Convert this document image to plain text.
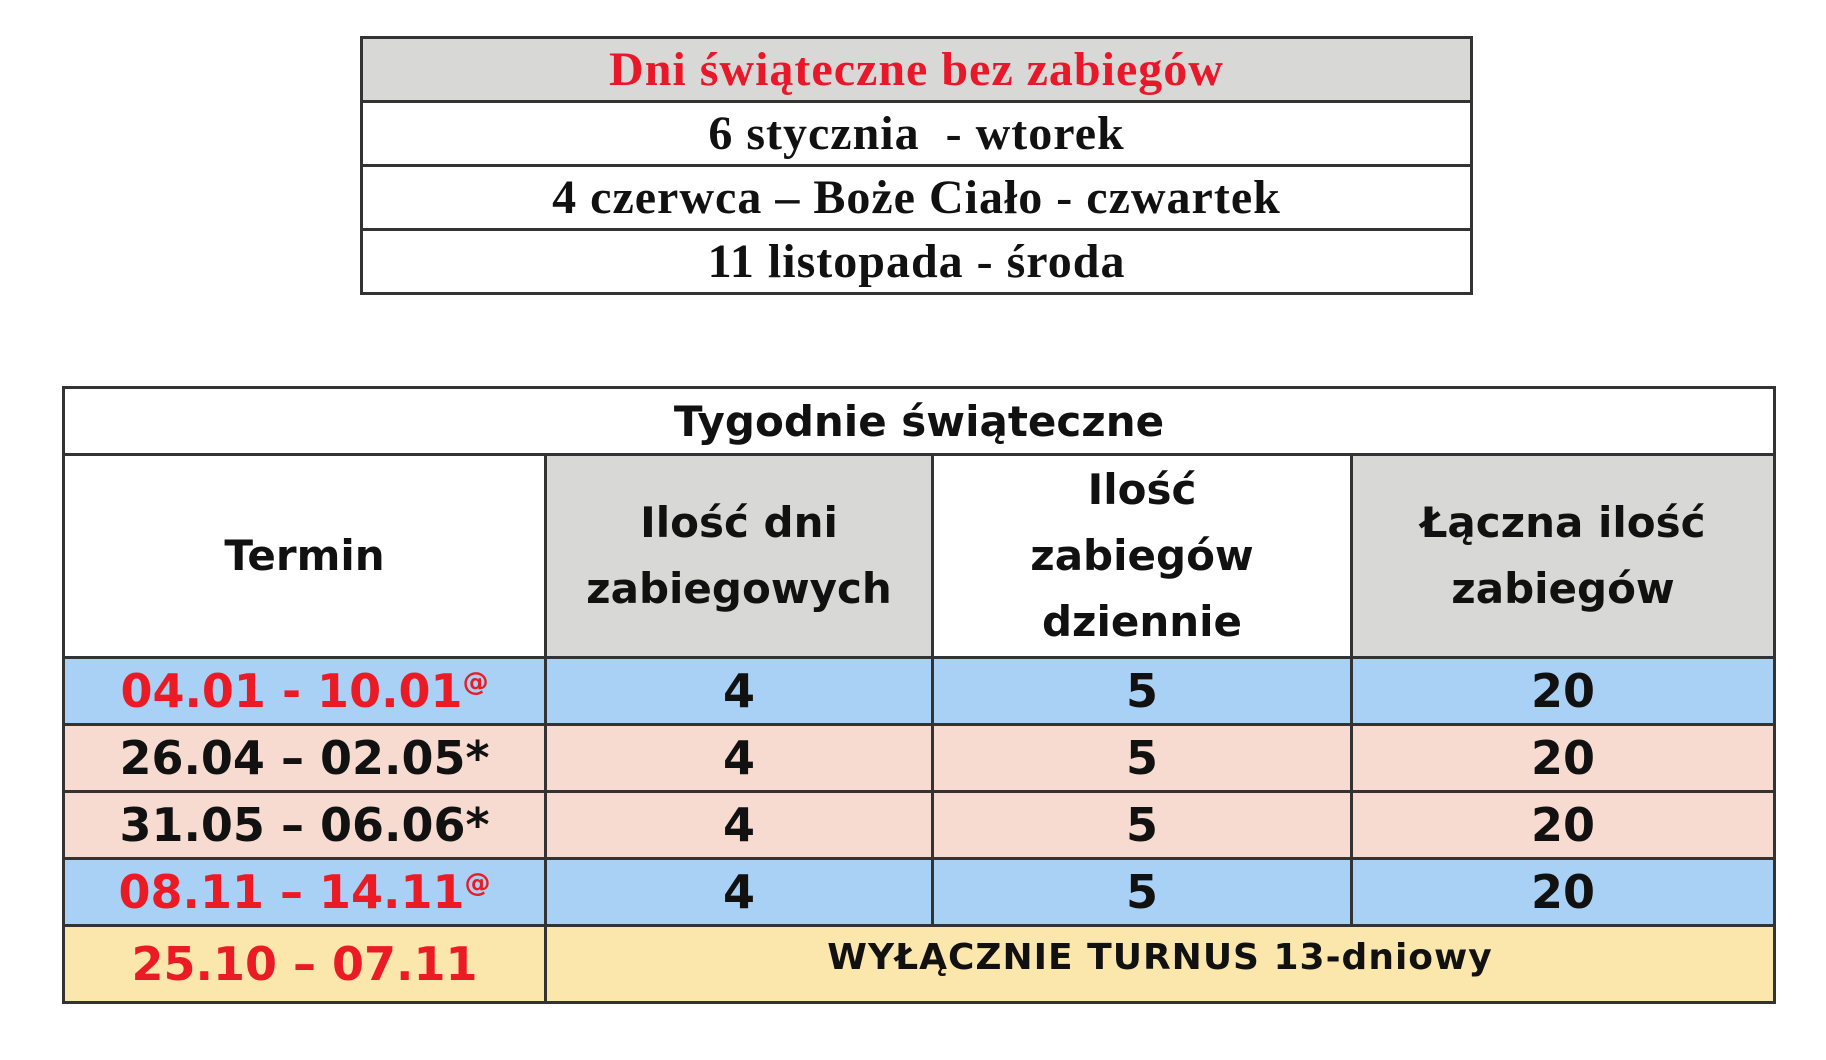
Dni świąteczne bez zabiegów
6 stycznia  - wtorek
4 czerwca – Boże Ciało - czwartek
11 listopada - środa
Tygodnie świąteczne			
Termin	Ilość dni zabiegowych	Ilość zabiegów dziennie	Łączna ilość zabiegów
04.01 - 10.01@	4	5	20
26.04 – 02.05*	4	5	20
31.05 – 06.06*	4	5	20
08.11 – 14.11@	4	5	20
25.10 – 07.11	WYŁĄCZNIE TURNUS 13-dniowy		
